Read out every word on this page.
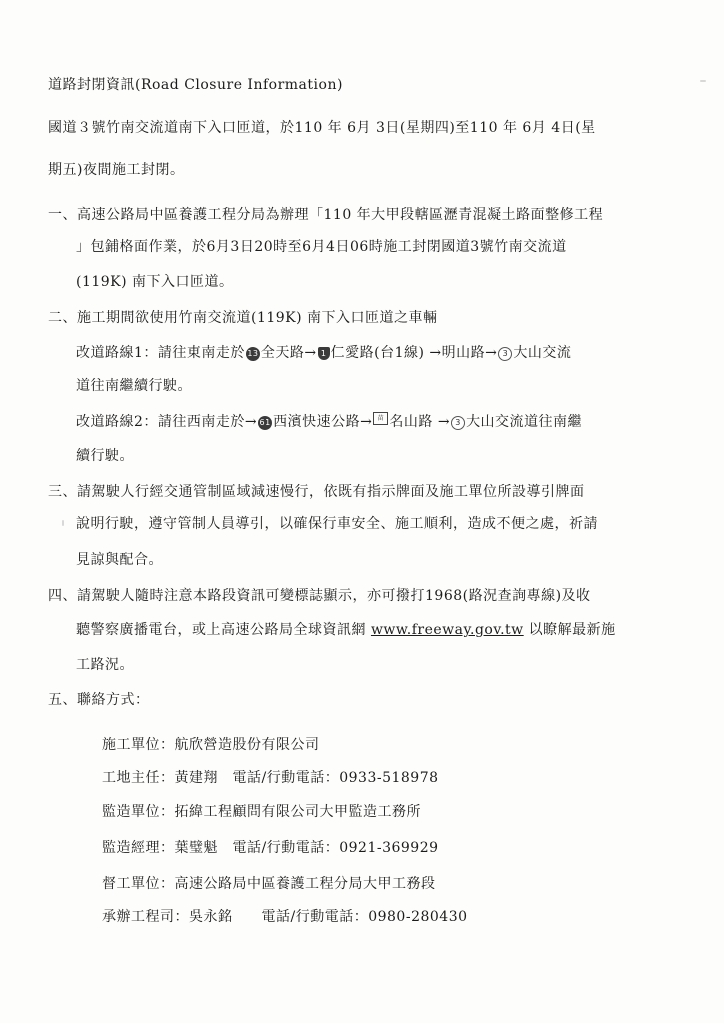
道路封閉資訊(Road Closure Information)
國道３號竹南交流道南下入口匝道，於110 年 6月 3日(星期四)至110 年 6月 4日(星
期五)夜間施工封閉。
一、高速公路局中區養護工程分局為辦理「110 年大甲段轄區瀝青混凝土路面整修工程
」包鋪格面作業，於6月3日20時至6月4日06時施工封閉國道3號竹南交流道
(119K) 南下入口匝道。
二、施工期間欲使用竹南交流道(119K) 南下入口匝道之車輛
改道路線1：請往東南走於 13 全天路→ 1 仁愛路(台1線) →明山路→ 3 大山交流
道往南繼續行駛。
改道路線2：請往西南走於→ 61 西濱快速公路→ 苗 名山路 → 3 大山交流道往南繼
續行駛。
三、請駕駛人行經交通管制區域減速慢行，依既有指示牌面及施工單位所設導引牌面
說明行駛，遵守管制人員導引，以確保行車安全、施工順利，造成不便之處，祈請
見諒與配合。
四、請駕駛人隨時注意本路段資訊可變標誌顯示，亦可撥打1968(路況查詢專線)及收
聽警察廣播電台，或上高速公路局全球資訊網 www.freeway.gov.tw 以瞭解最新施
工路況。
五、聯絡方式：
施工單位：航欣營造股份有限公司
工地主任：黃建翔　電話/行動電話：0933-518978
監造單位：拓緯工程顧問有限公司大甲監造工務所
監造經理：葉璧魁　電話/行動電話：0921-369929
督工單位：高速公路局中區養護工程分局大甲工務段
承辦工程司：吳永銘　　電話/行動電話：0980-280430
